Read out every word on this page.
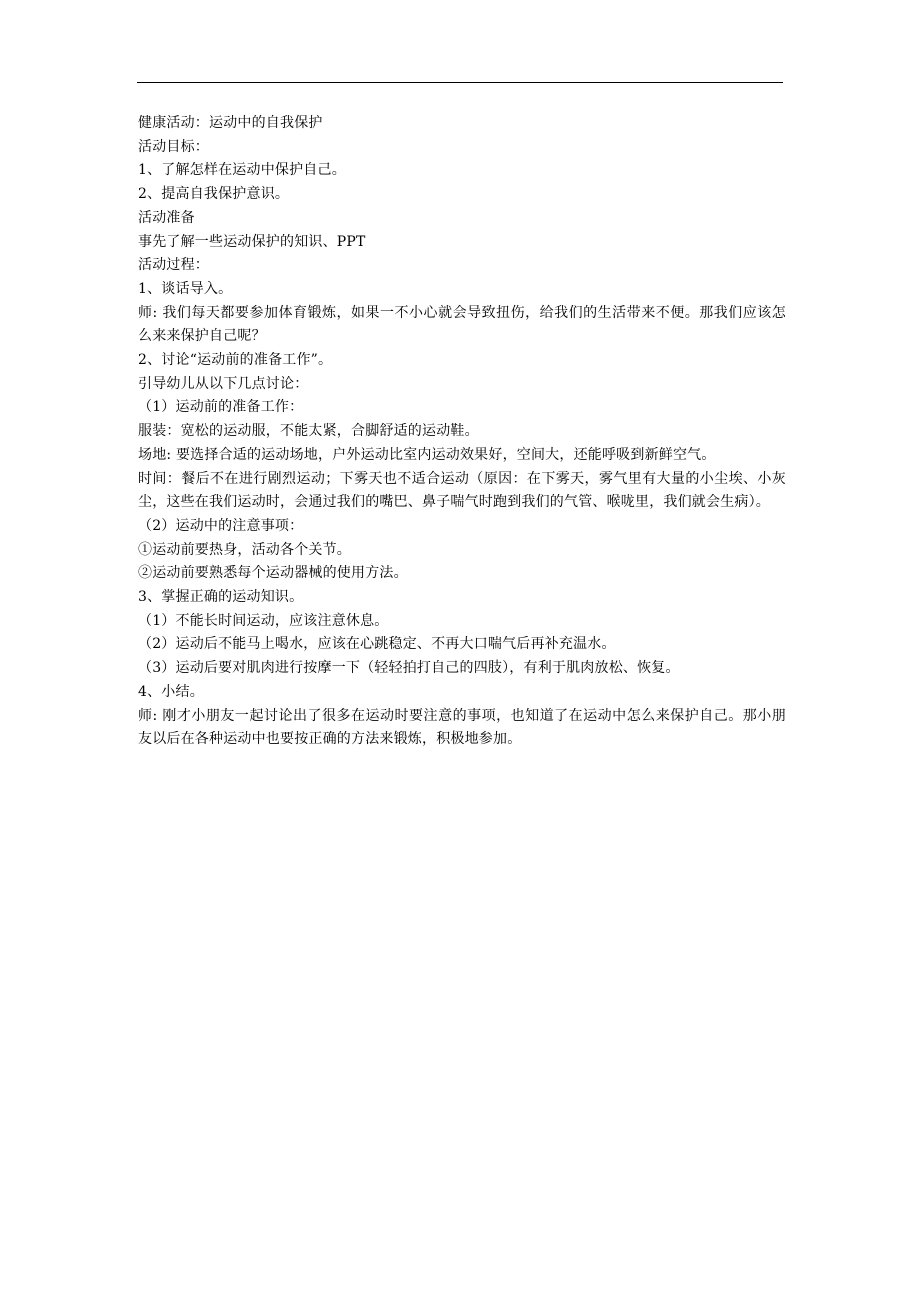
健康活动：运动中的自我保护
活动目标：
1、了解怎样在运动中保护自己。
2、提高自我保护意识。
活动准备
事先了解一些运动保护的知识、PPT
活动过程：
1、谈话导入。
师: 我们每天都要参加体育锻炼，如果一不小心就会导致扭伤，给我们的生活带来不便。那我们应该怎么来来保护自己呢？
2、讨论“运动前的准备工作”。
引导幼儿从以下几点讨论：
（1）运动前的准备工作：
服装：宽松的运动服，不能太紧，合脚舒适的运动鞋。
场地: 要选择合适的运动场地，户外运动比室内运动效果好，空间大，还能呼吸到新鲜空气。
时间：餐后不在进行剧烈运动；下雾天也不适合运动（原因：在下雾天，雾气里有大量的小尘埃、小灰尘，这些在我们运动时，会通过我们的嘴巴、鼻子喘气时跑到我们的气管、喉咙里，我们就会生病）。
（2）运动中的注意事项：
①运动前要热身，活动各个关节。
②运动前要熟悉每个运动器械的使用方法。
3、掌握正确的运动知识。
（1）不能长时间运动，应该注意休息。
（2）运动后不能马上喝水，应该在心跳稳定、不再大口喘气后再补充温水。
（3）运动后要对肌肉进行按摩一下（轻轻拍打自己的四肢），有利于肌肉放松、恢复。
4、小结。
师: 刚才小朋友一起讨论出了很多在运动时要注意的事项，也知道了在运动中怎么来保护自己。那小朋友以后在各种运动中也要按正确的方法来锻炼，积极地参加。
